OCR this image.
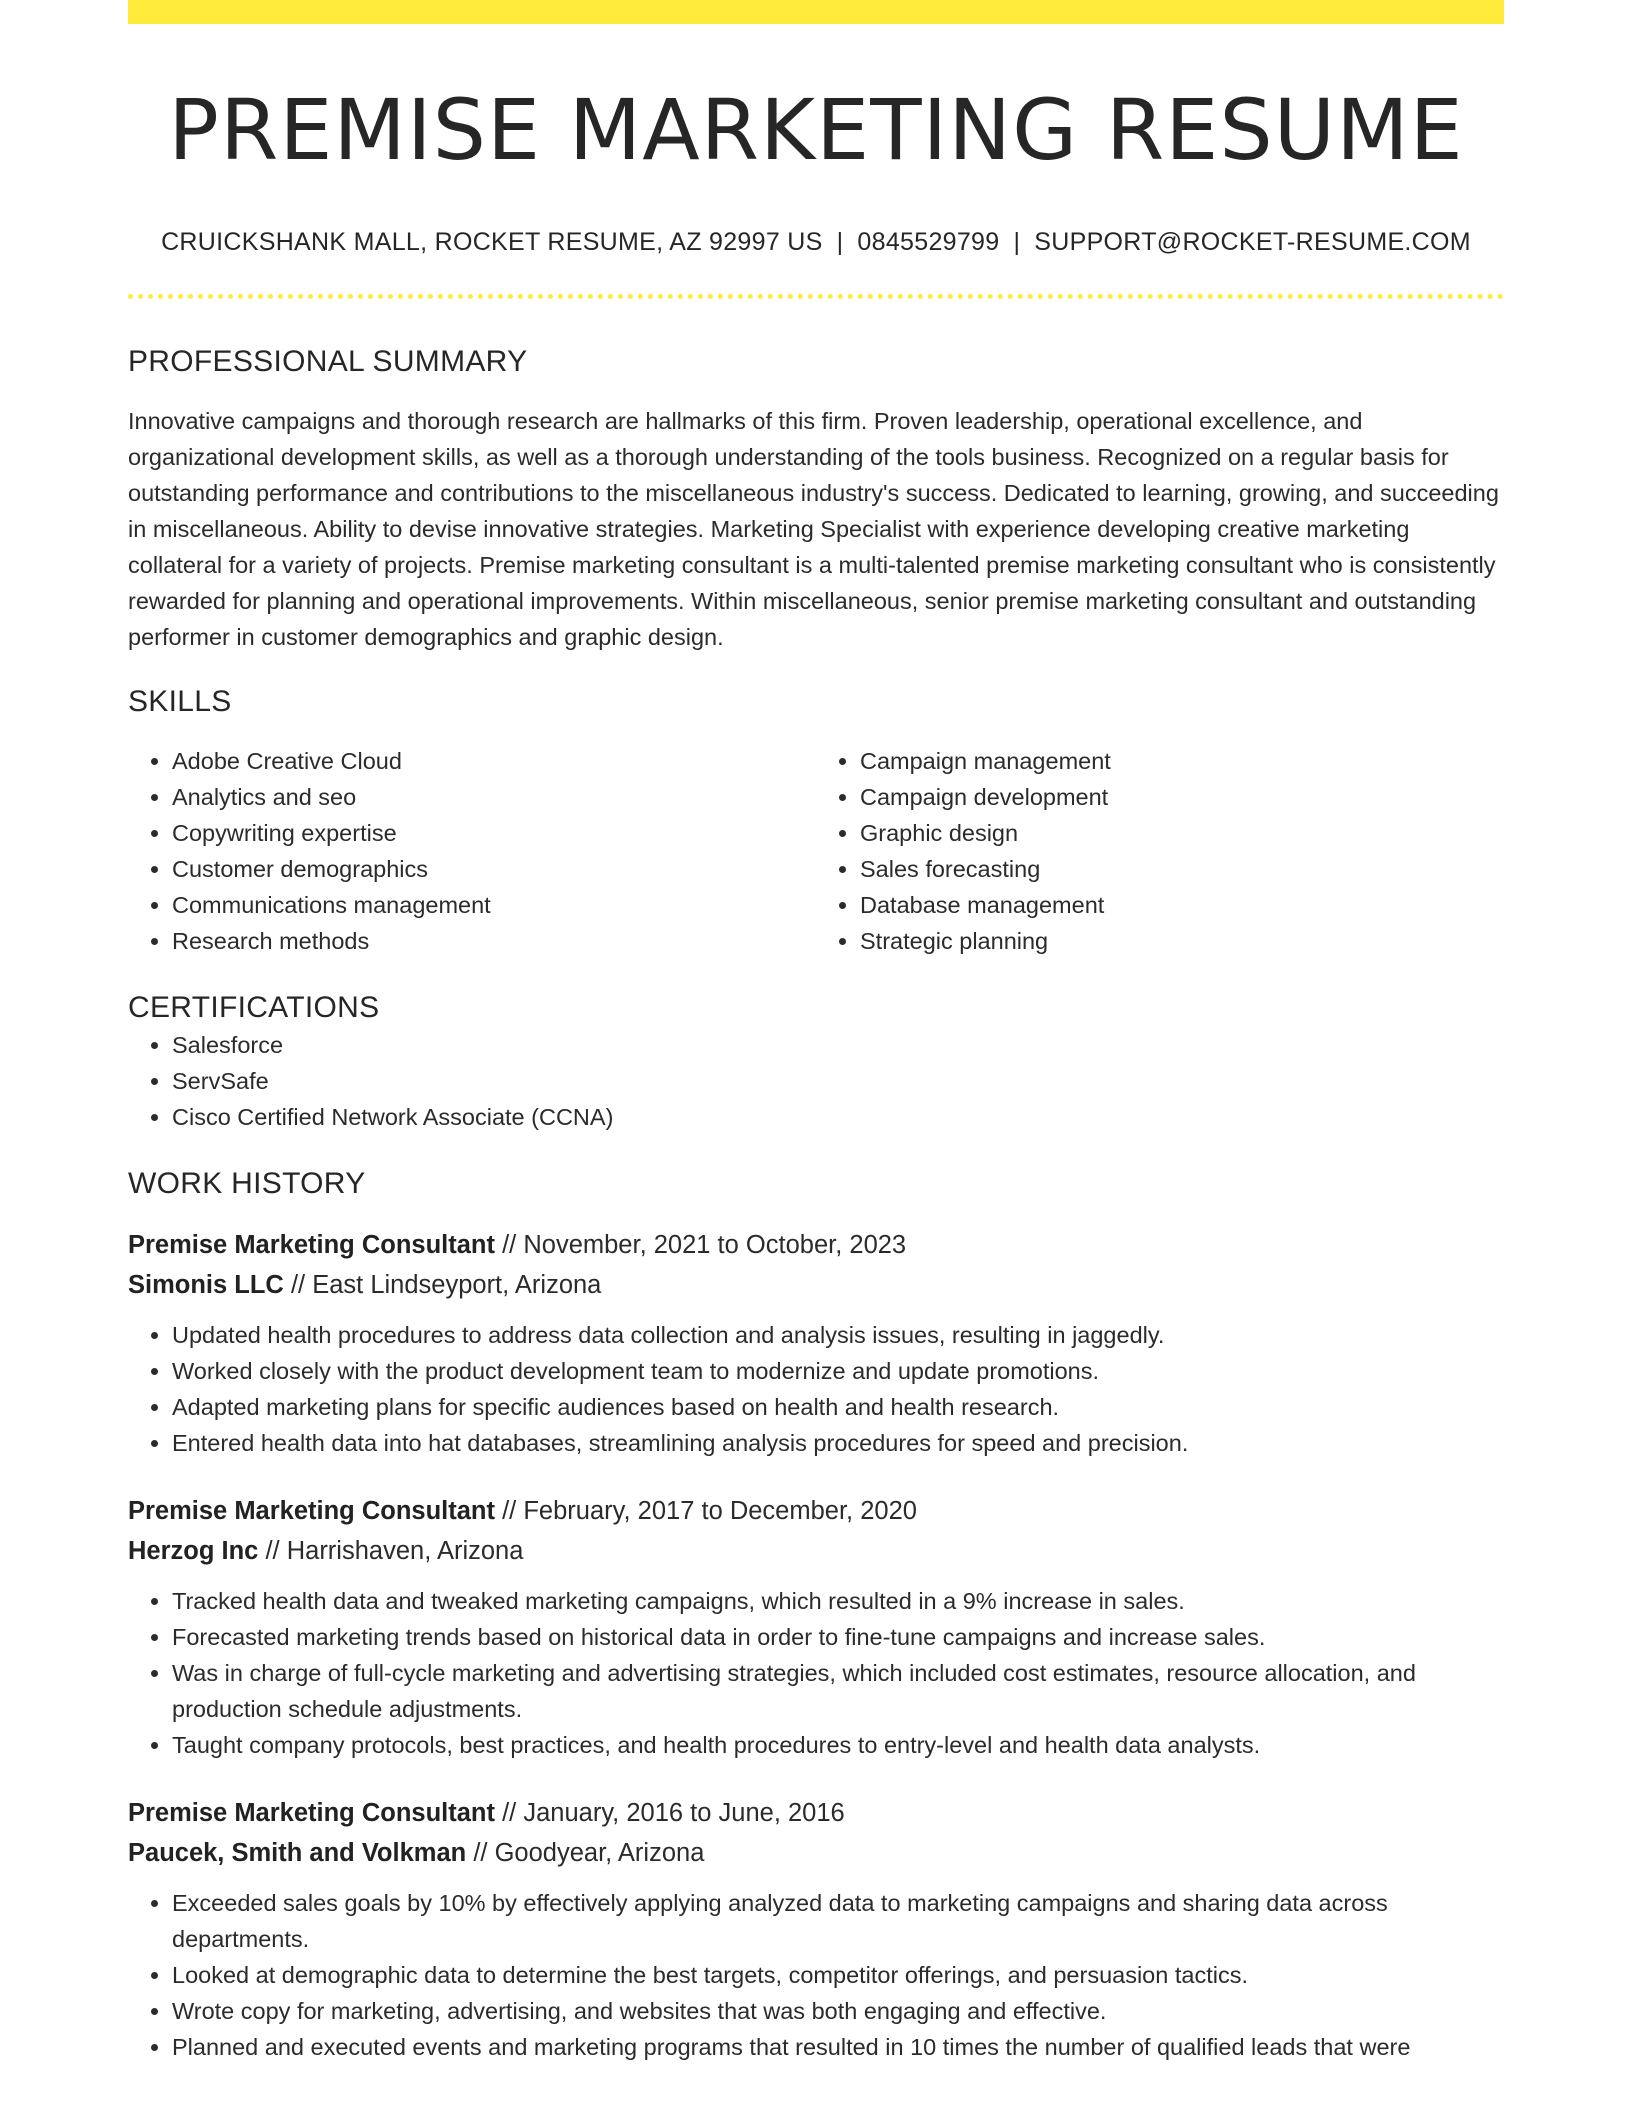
PREMISE MARKETING RESUME
CRUICKSHANK MALL, ROCKET RESUME, AZ 92997 US | 0845529799 | SUPPORT@ROCKET-RESUME.COM
PROFESSIONAL SUMMARY
Innovative campaigns and thorough research are hallmarks of this firm. Proven leadership, operational excellence, and organizational development skills, as well as a thorough understanding of the tools business. Recognized on a regular basis for outstanding performance and contributions to the miscellaneous industry's success. Dedicated to learning, growing, and succeeding in miscellaneous. Ability to devise innovative strategies. Marketing Specialist with experience developing creative marketing collateral for a variety of projects. Premise marketing consultant is a multi-talented premise marketing consultant who is consistently rewarded for planning and operational improvements. Within miscellaneous, senior premise marketing consultant and outstanding performer in customer demographics and graphic design.
SKILLS
• Adobe Creative Cloud
• Analytics and seo
• Copywriting expertise
• Customer demographics
• Communications management
• Research methods
• Campaign management
• Campaign development
• Graphic design
• Sales forecasting
• Database management
• Strategic planning
CERTIFICATIONS
• Salesforce
• ServSafe
• Cisco Certified Network Associate (CCNA)
WORK HISTORY
Premise Marketing Consultant // November, 2021 to October, 2023
Simonis LLC // East Lindseyport, Arizona
• Updated health procedures to address data collection and analysis issues, resulting in jaggedly.
• Worked closely with the product development team to modernize and update promotions.
• Adapted marketing plans for specific audiences based on health and health research.
• Entered health data into hat databases, streamlining analysis procedures for speed and precision.
Premise Marketing Consultant // February, 2017 to December, 2020
Herzog Inc // Harrishaven, Arizona
• Tracked health data and tweaked marketing campaigns, which resulted in a 9% increase in sales.
• Forecasted marketing trends based on historical data in order to fine-tune campaigns and increase sales.
• Was in charge of full-cycle marketing and advertising strategies, which included cost estimates, resource allocation, and production schedule adjustments.
• Taught company protocols, best practices, and health procedures to entry-level and health data analysts.
Premise Marketing Consultant // January, 2016 to June, 2016
Paucek, Smith and Volkman // Goodyear, Arizona
• Exceeded sales goals by 10% by effectively applying analyzed data to marketing campaigns and sharing data across departments.
• Looked at demographic data to determine the best targets, competitor offerings, and persuasion tactics.
• Wrote copy for marketing, advertising, and websites that was both engaging and effective.
• Planned and executed events and marketing programs that resulted in 10 times the number of qualified leads that were
